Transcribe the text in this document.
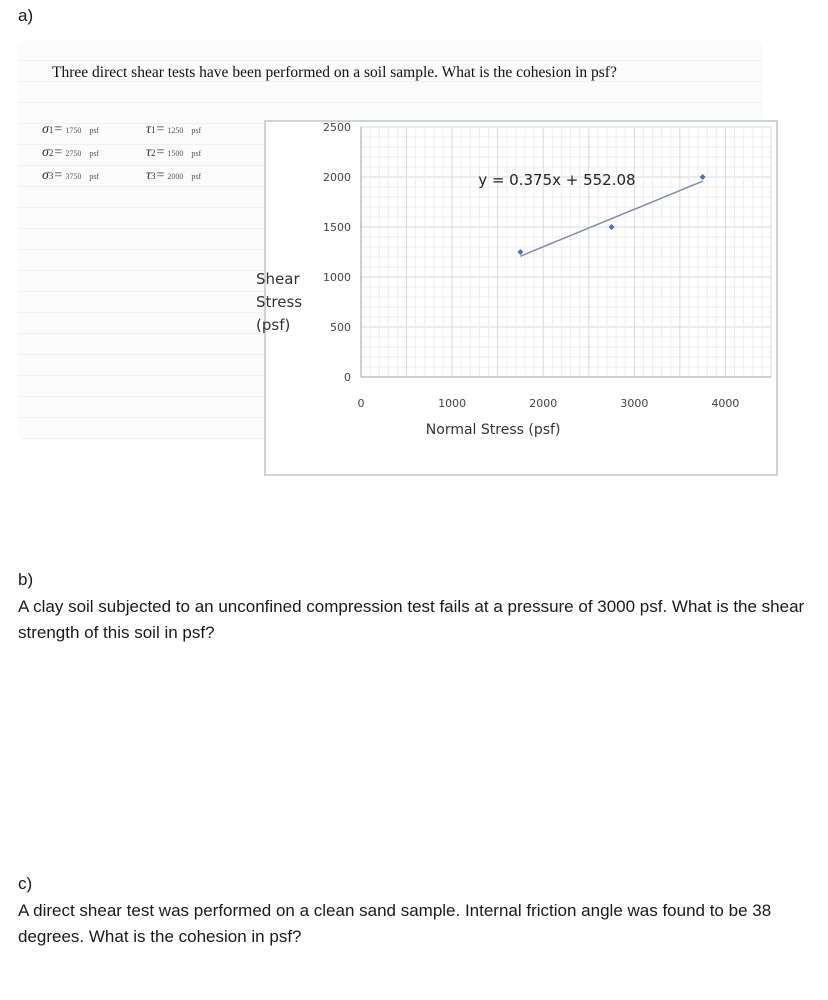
a)
Three direct shear tests have been performed on a soil sample. What is the cohesion in psf?
σ 1 = 1750 psf	τ 1 = 1250 psf
σ 2 = 2750 psf	τ 2 = 1500 psf
σ 3 = 3750 psf	τ 3 = 2000 psf
0
500
1000
1500
2000
2500
0	1000	2000	3000	4000
Normal Stress (psf)
Shear
Stress
(psf)
y = 0.375x + 552.08
b)
A clay soil subjected to an unconfined compression test fails at a pressure of 3000 psf. What is the shear strength of this soil in psf?
c)
A direct shear test was performed on a clean sand sample. Internal friction angle was found to be 38 degrees. What is the cohesion in psf?
